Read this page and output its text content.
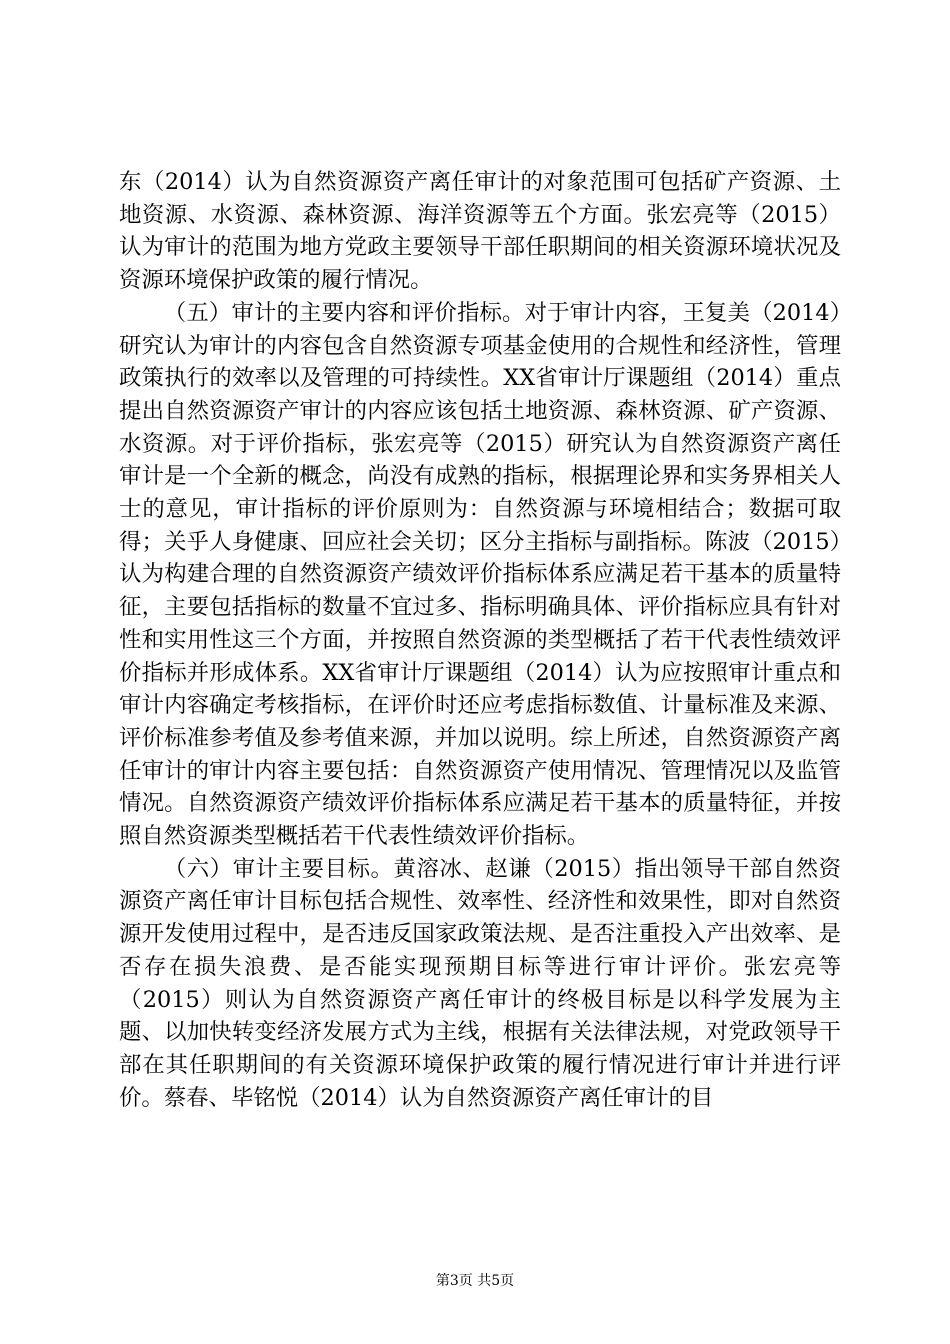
东（2014）认为自然资源资产离任审计的对象范围可包括矿产资源、土地资源、水资源、森林资源、海洋资源等五个方面。张宏亮等（2015）认为审计的范围为地方党政主要领导干部任职期间的相关资源环境状况及资源环境保护政策的履行情况。

（五）审计的主要内容和评价指标。对于审计内容，王复美（2014）研究认为审计的内容包含自然资源专项基金使用的合规性和经济性，管理政策执行的效率以及管理的可持续性。XX省审计厅课题组（2014）重点提出自然资源资产审计的内容应该包括土地资源、森林资源、矿产资源、水资源。对于评价指标，张宏亮等（2015）研究认为自然资源资产离任审计是一个全新的概念，尚没有成熟的指标，根据理论界和实务界相关人士的意见，审计指标的评价原则为：自然资源与环境相结合；数据可取得；关乎人身健康、回应社会关切；区分主指标与副指标。陈波（2015）认为构建合理的自然资源资产绩效评价指标体系应满足若干基本的质量特征，主要包括指标的数量不宜过多、指标明确具体、评价指标应具有针对性和实用性这三个方面，并按照自然资源的类型概括了若干代表性绩效评价指标并形成体系。XX省审计厅课题组（2014）认为应按照审计重点和审计内容确定考核指标，在评价时还应考虑指标数值、计量标准及来源、评价标准参考值及参考值来源，并加以说明。综上所述，自然资源资产离任审计的审计内容主要包括：自然资源资产使用情况、管理情况以及监管情况。自然资源资产绩效评价指标体系应满足若干基本的质量特征，并按照自然资源类型概括若干代表性绩效评价指标。

（六）审计主要目标。黄溶冰、赵谦（2015）指出领导干部自然资源资产离任审计目标包括合规性、效率性、经济性和效果性，即对自然资源开发使用过程中，是否违反国家政策法规、是否注重投入产出效率、是否存在损失浪费、是否能实现预期目标等进行审计评价。张宏亮等（2015）则认为自然资源资产离任审计的终极目标是以科学发展为主题、以加快转变经济发展方式为主线，根据有关法律法规，对党政领导干部在其任职期间的有关资源环境保护政策的履行情况进行审计并进行评价。蔡春、毕铭悦（2014）认为自然资源资产离任审计的目

第3页 共5页
